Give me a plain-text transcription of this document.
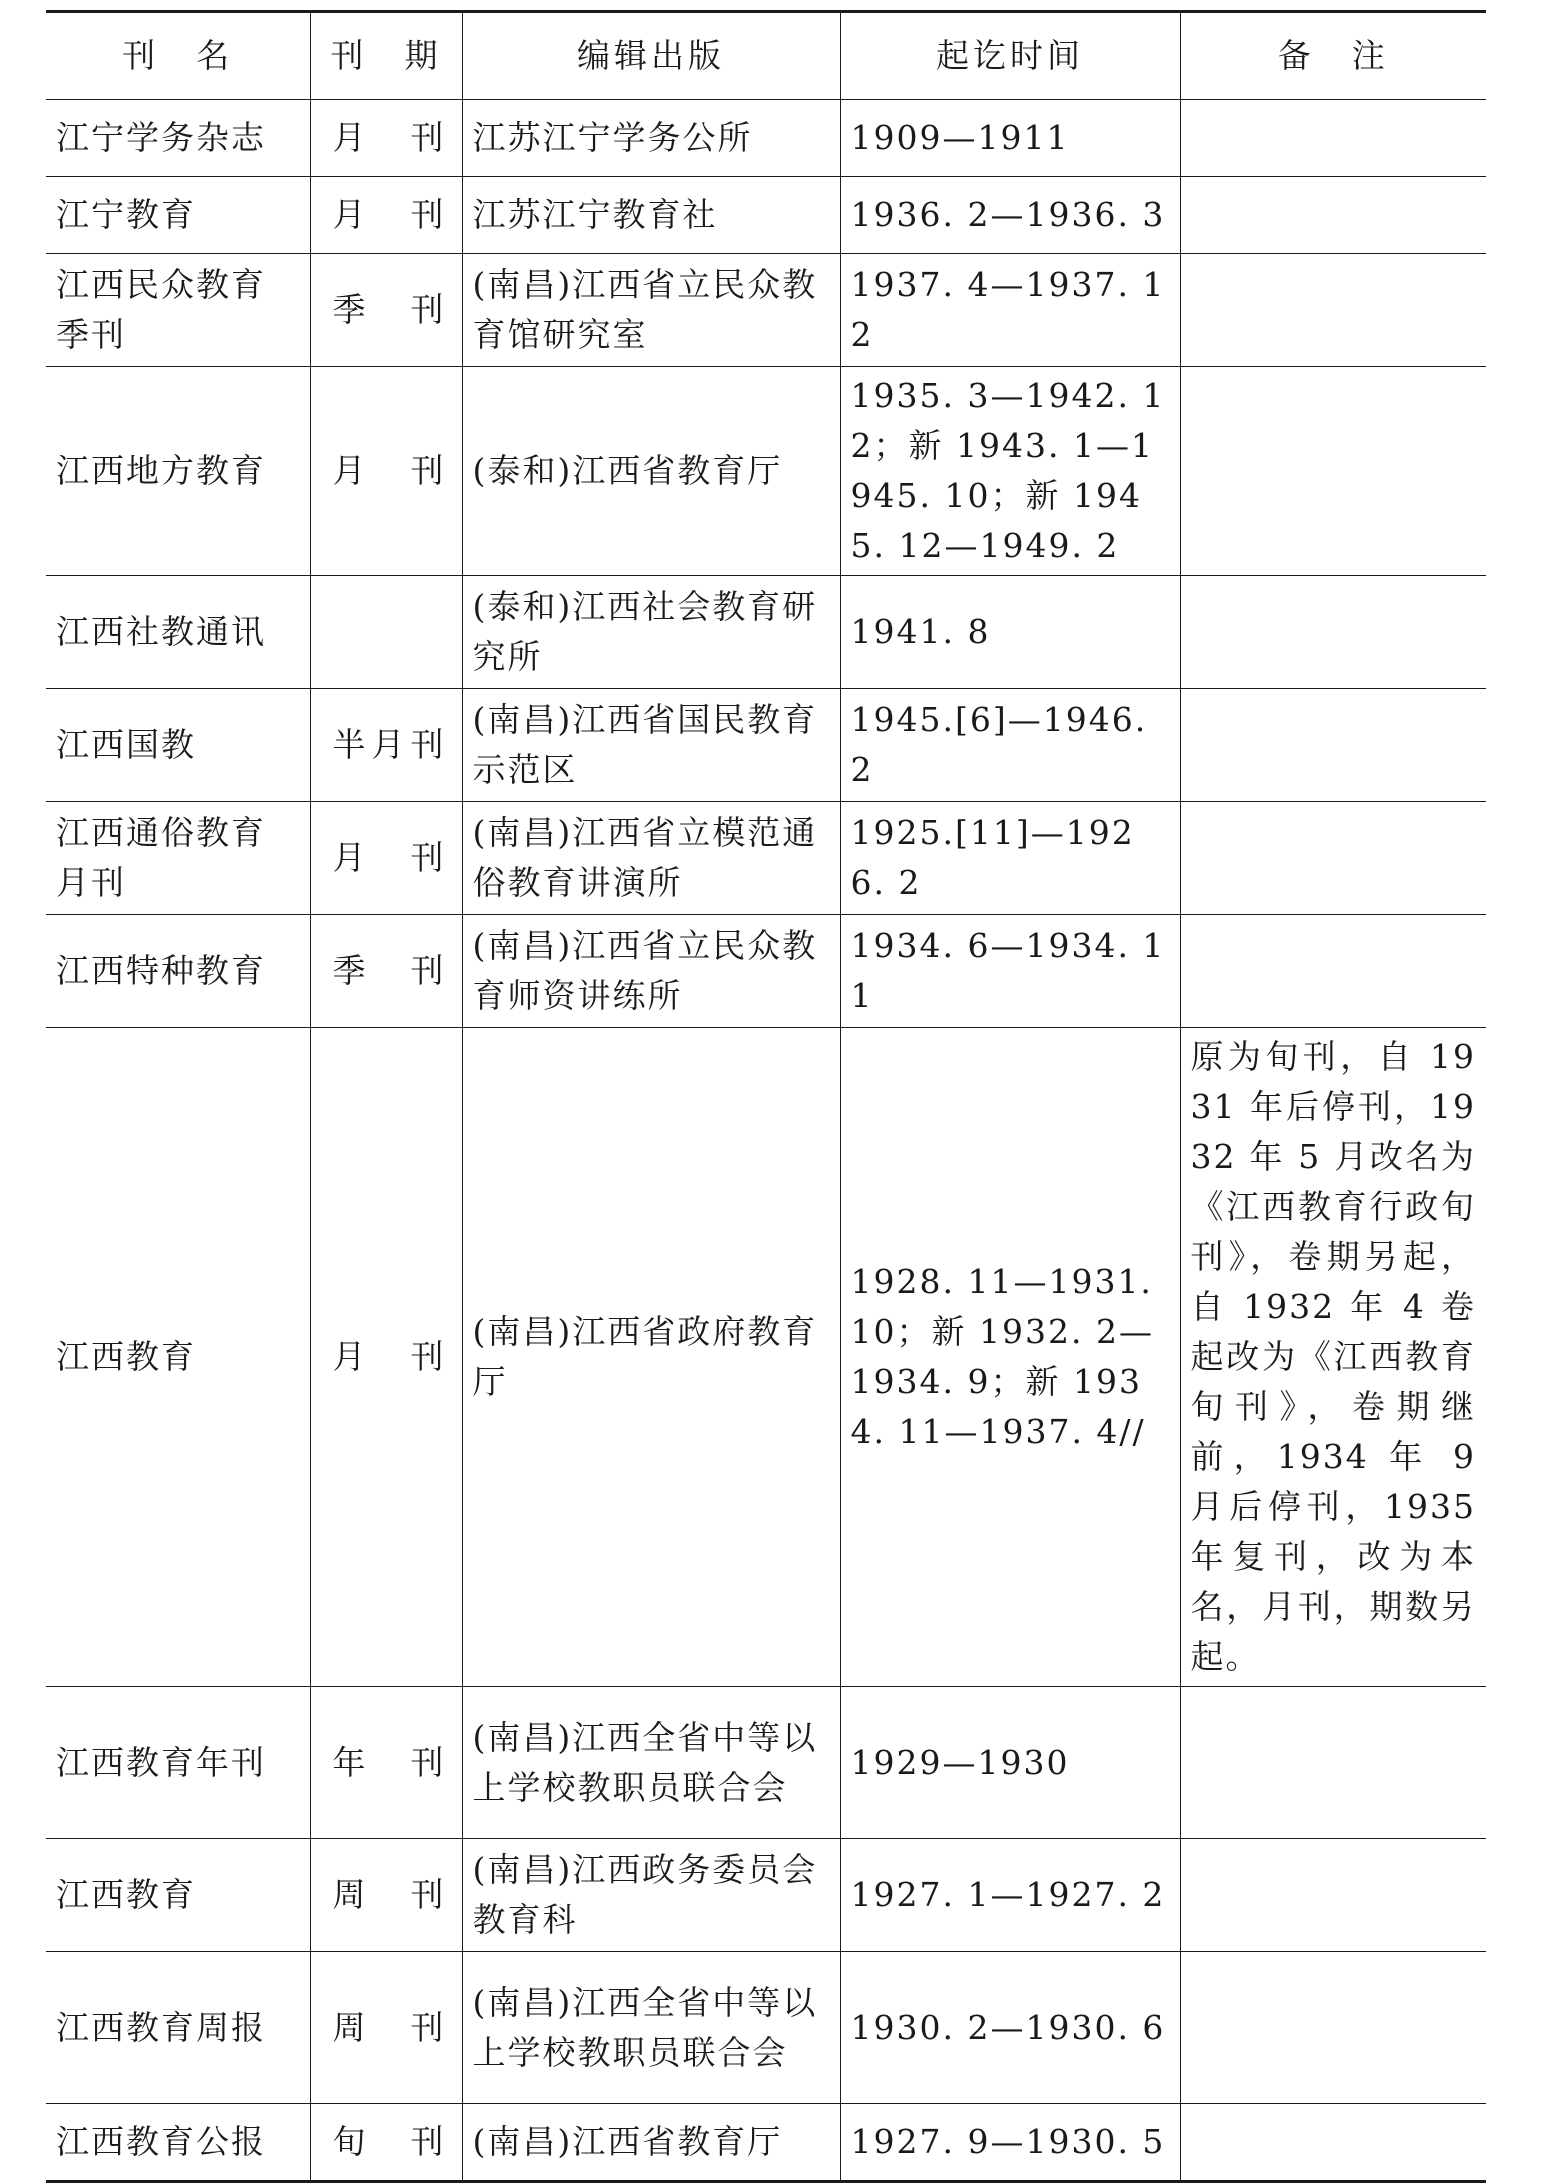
刊　名	刊　期	编辑出版	起讫时间	备　注
江宁学务杂志	月 刊	江苏江宁学务公所	1909—1911	
江宁教育	月 刊	江苏江宁教育社	1936. 2—1936. 3	
江西民众教育季刊	季 刊	(南昌)江西省立民众教育馆研究室	1937. 4—1937. 12	
江西地方教育	月 刊	(泰和)江西省教育厅	1935. 3—1942. 12；新 1943. 1—1945. 10；新 1945. 12—1949. 2	
江西社教通讯		(泰和)江西社会教育研究所	1941. 8	
江西国教	半月刊	(南昌)江西省国民教育示范区	1945.[6]—1946. 2	
江西通俗教育月刊	月 刊	(南昌)江西省立模范通俗教育讲演所	1925.[11]—1926. 2	
江西特种教育	季 刊	(南昌)江西省立民众教育师资讲练所	1934. 6—1934. 11	
江西教育	月 刊	(南昌)江西省政府教育厅	1928. 11—1931. 10；新 1932. 2—1934. 9；新 1934. 11—1937. 4//	原为旬刊，自 1931 年后停刊，1932 年 5 月改名为《江西教育行政旬刊》，卷期另起，自 1932 年 4 卷起改为《江西教育旬刊》，卷期继前，1934 年 9 月后停刊，1935 年复刊，改为本名，月刊，期数另起。
江西教育年刊	年 刊	(南昌)江西全省中等以上学校教职员联合会	1929—1930	
江西教育	周 刊	(南昌)江西政务委员会教育科	1927. 1—1927. 2	
江西教育周报	周 刊	(南昌)江西全省中等以上学校教职员联合会	1930. 2—1930. 6	
江西教育公报	旬 刊	(南昌)江西省教育厅	1927. 9—1930. 5	
